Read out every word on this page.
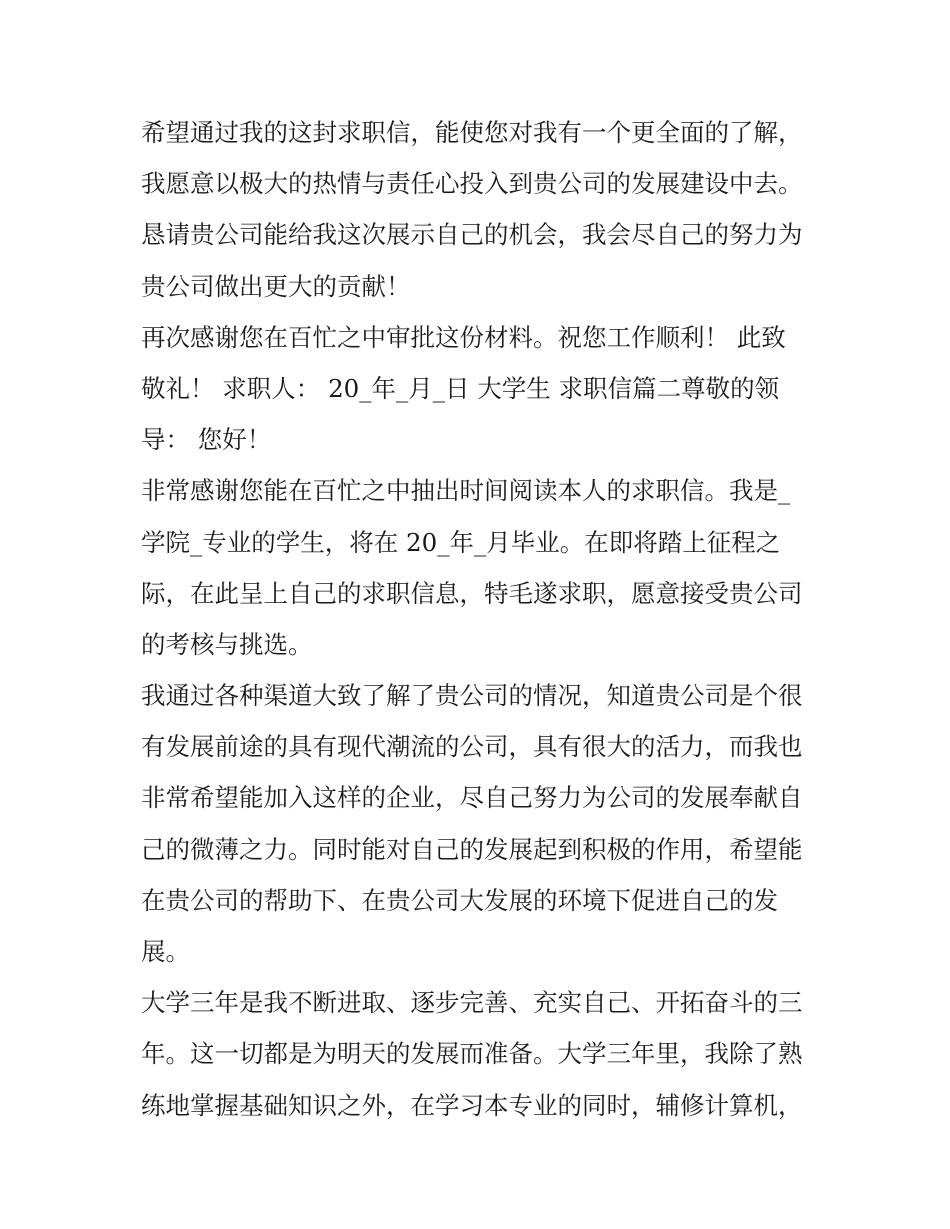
希望通过我的这封求职信，能使您对我有一个更全面的了解，
我愿意以极大的热情与责任心投入到贵公司的发展建设中去。
恳请贵公司能给我这次展示自己的机会，我会尽自己的努力为
贵公司做出更大的贡献！
再次感谢您在百忙之中审批这份材料。祝您工作顺利！ 此致
敬礼！ 求职人： 20_年_月_日 大学生 求职信篇二尊敬的领
导： 您好！
非常感谢您能在百忙之中抽出时间阅读本人的求职信。我是_
学院_专业的学生，将在 20_年_月毕业。在即将踏上征程之
际，在此呈上自己的求职信息，特毛遂求职，愿意接受贵公司
的考核与挑选。
我通过各种渠道大致了解了贵公司的情况，知道贵公司是个很
有发展前途的具有现代潮流的公司，具有很大的活力，而我也
非常希望能加入这样的企业，尽自己努力为公司的发展奉献自
己的微薄之力。同时能对自己的发展起到积极的作用，希望能
在贵公司的帮助下、在贵公司大发展的环境下促进自己的发
展。
大学三年是我不断进取、逐步完善、充实自己、开拓奋斗的三
年。这一切都是为明天的发展而准备。大学三年里，我除了熟
练地掌握基础知识之外，在学习本专业的同时，辅修计算机，
